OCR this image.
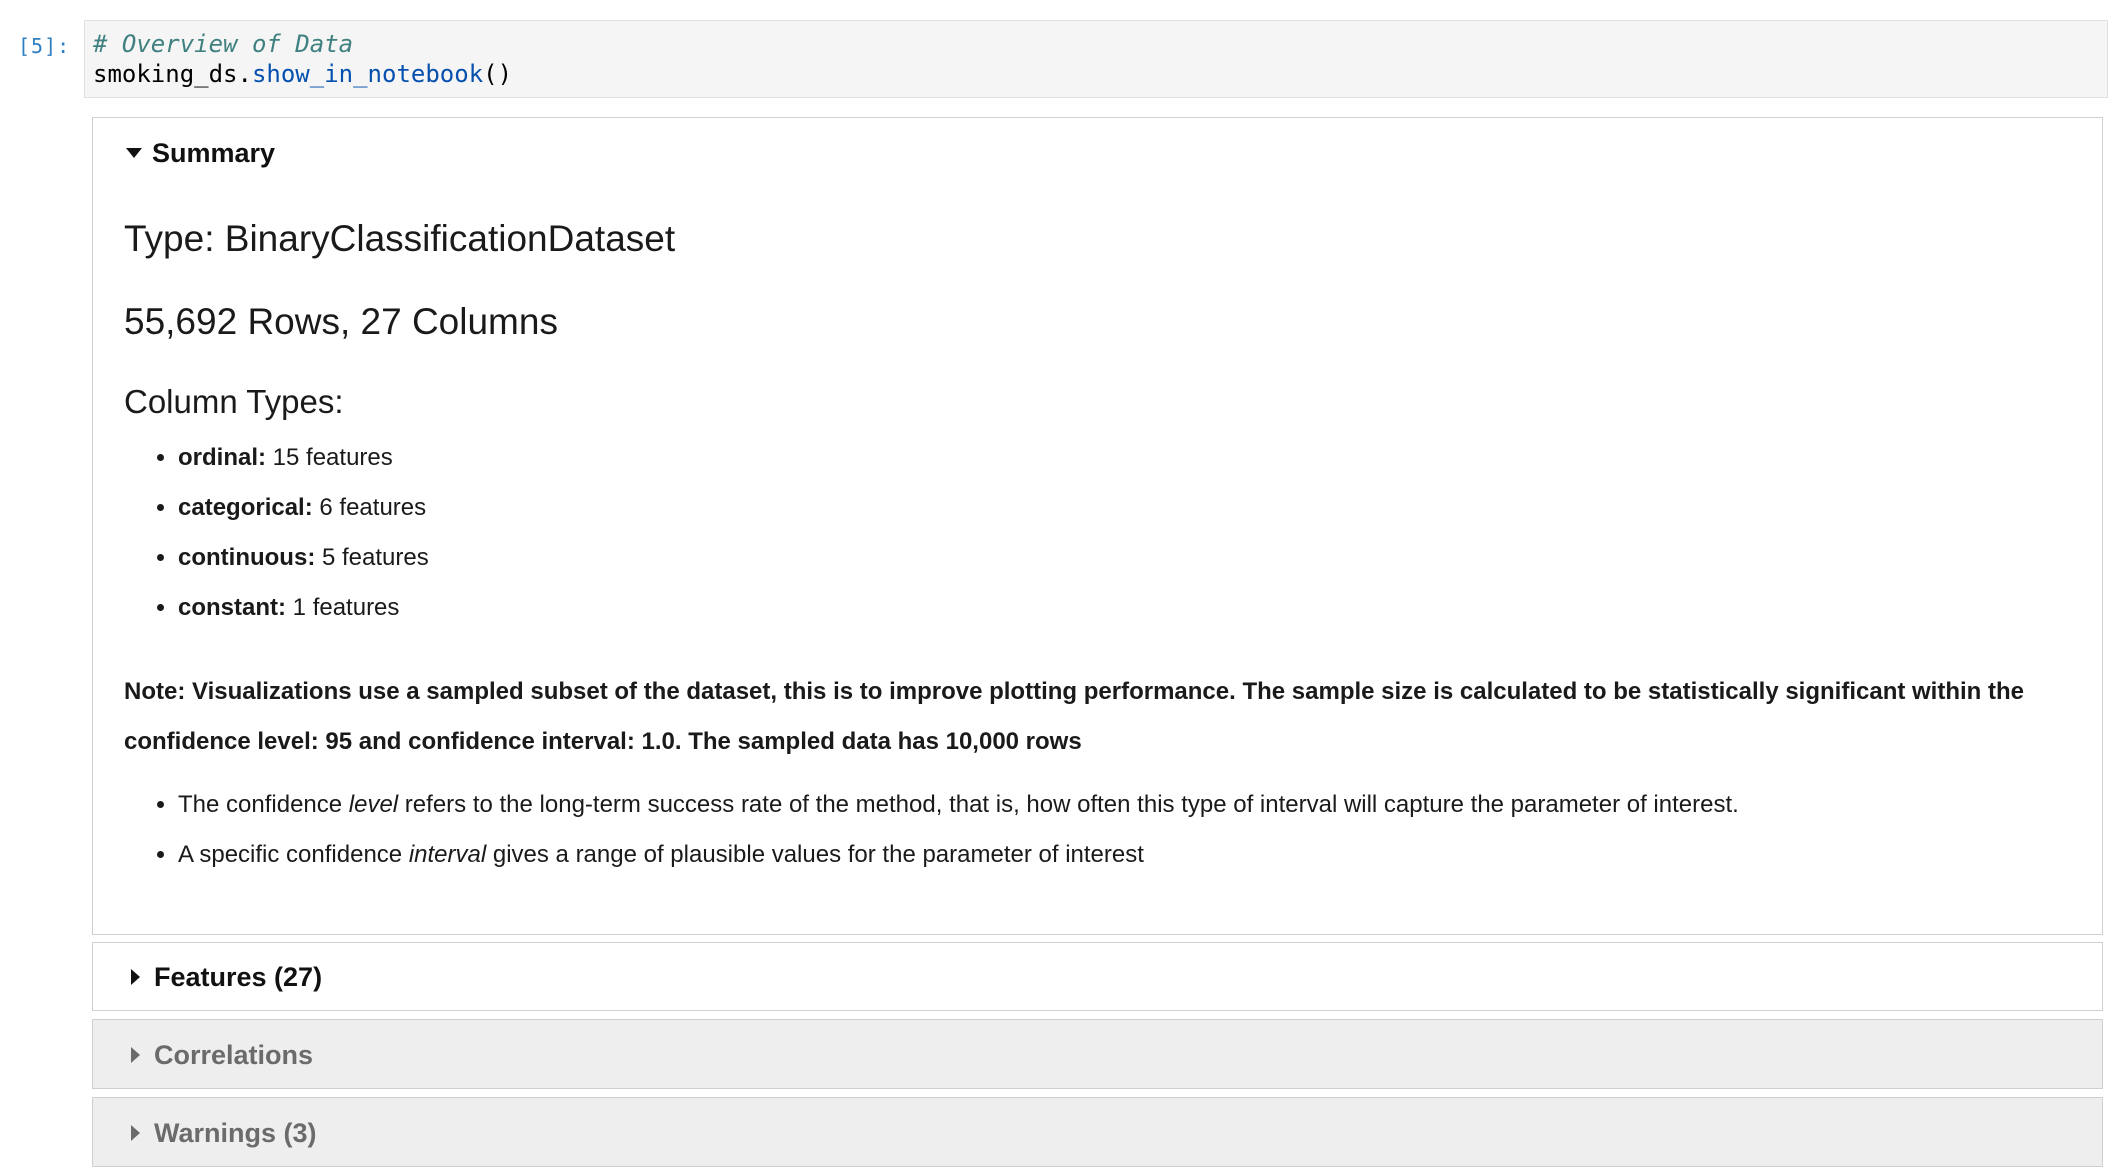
[5]: # Overview of Data
smoking_ds.show_in_notebook()
Summary
Type: BinaryClassificationDataset
55,692 Rows, 27 Columns
Column Types:
• ordinal: 15 features
• categorical: 6 features
• continuous: 5 features
• constant: 1 features
Note: Visualizations use a sampled subset of the dataset, this is to improve plotting performance. The sample size is calculated to be statistically significant within the confidence level: 95 and confidence interval: 1.0. The sampled data has 10,000 rows
• The confidence level refers to the long-term success rate of the method, that is, how often this type of interval will capture the parameter of interest.
• A specific confidence interval gives a range of plausible values for the parameter of interest
Features (27)
Correlations
Warnings (3)
